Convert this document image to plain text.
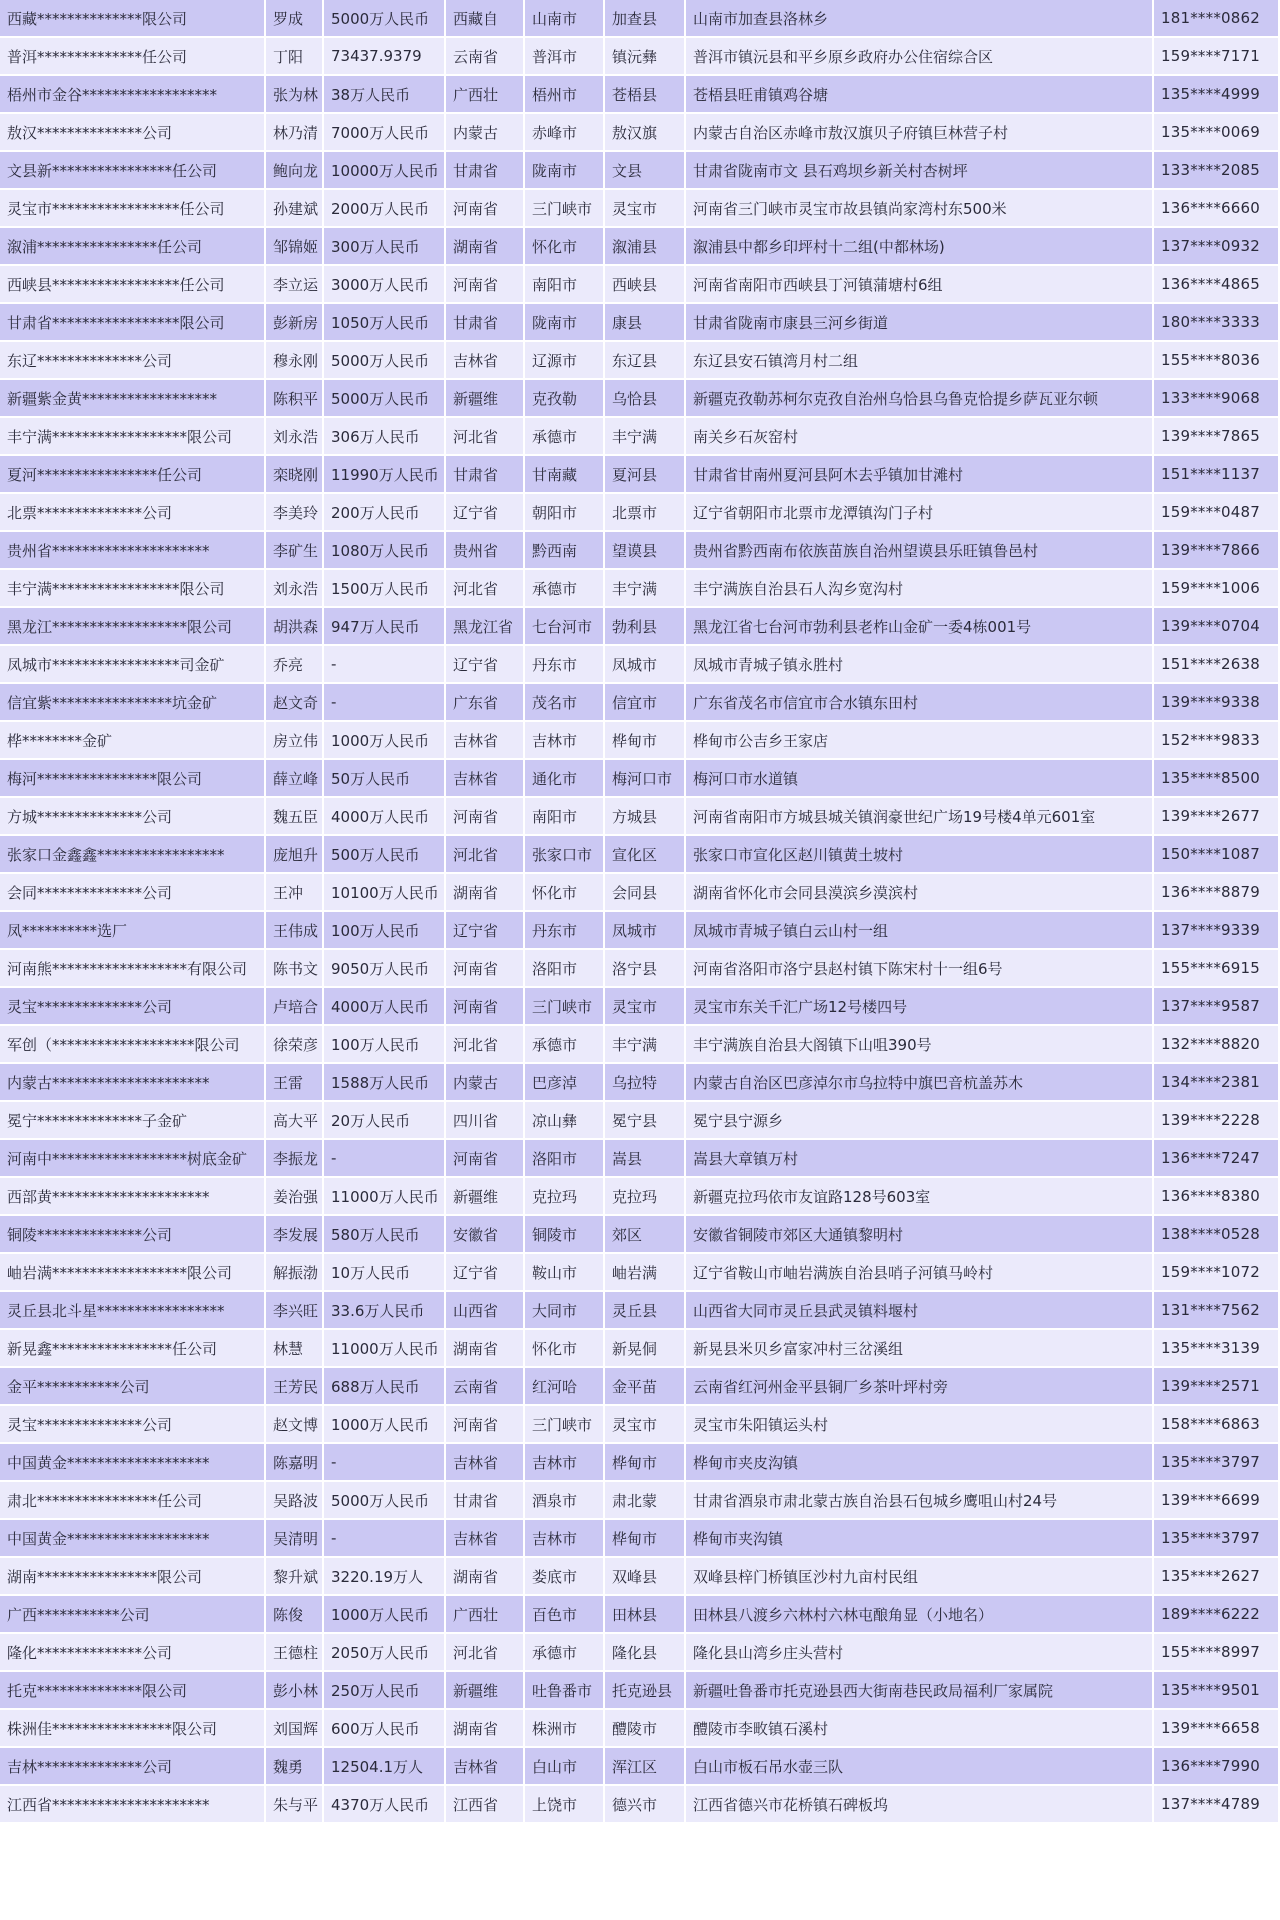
西藏**************限公司	罗成	5000万人民币	西藏自	山南市	加查县	山南市加查县洛林乡	181****0862
普洱**************任公司	丁阳	73437.9379	云南省	普洱市	镇沅彝	普洱市镇沅县和平乡原乡政府办公住宿综合区	159****7171
梧州市金谷******************	张为林	38万人民币	广西壮	梧州市	苍梧县	苍梧县旺甫镇鸡谷塘	135****4999
敖汉**************公司	林乃清	7000万人民币	内蒙古	赤峰市	敖汉旗	内蒙古自治区赤峰市敖汉旗贝子府镇巨林营子村	135****0069
文县新****************任公司	鲍向龙	10000万人民币	甘肃省	陇南市	文县	甘肃省陇南市文 县石鸡坝乡新关村杏树坪	133****2085
灵宝市*****************任公司	孙建斌	2000万人民币	河南省	三门峡市	灵宝市	河南省三门峡市灵宝市故县镇尚家湾村东500米	136****6660
溆浦****************任公司	邹锦姬	300万人民币	湖南省	怀化市	溆浦县	溆浦县中都乡印坪村十二组(中都林场)	137****0932
西峡县*****************任公司	李立运	3000万人民币	河南省	南阳市	西峡县	河南省南阳市西峡县丁河镇蒲塘村6组	136****4865
甘肃省*****************限公司	彭新房	1050万人民币	甘肃省	陇南市	康县	甘肃省陇南市康县三河乡街道	180****3333
东辽**************公司	穆永刚	5000万人民币	吉林省	辽源市	东辽县	东辽县安石镇湾月村二组	155****8036
新疆紫金黄******************	陈积平	5000万人民币	新疆维	克孜勒	乌恰县	新疆克孜勒苏柯尔克孜自治州乌恰县乌鲁克恰提乡萨瓦亚尔顿	133****9068
丰宁满******************限公司	刘永浩	306万人民币	河北省	承德市	丰宁满	南关乡石灰窑村	139****7865
夏河****************任公司	栾晓刚	11990万人民币	甘肃省	甘南藏	夏河县	甘肃省甘南州夏河县阿木去乎镇加甘滩村	151****1137
北票**************公司	李美玲	200万人民币	辽宁省	朝阳市	北票市	辽宁省朝阳市北票市龙潭镇沟门子村	159****0487
贵州省*********************	李矿生	1080万人民币	贵州省	黔西南	望谟县	贵州省黔西南布依族苗族自治州望谟县乐旺镇鲁邑村	139****7866
丰宁满*****************限公司	刘永浩	1500万人民币	河北省	承德市	丰宁满	丰宁满族自治县石人沟乡宽沟村	159****1006
黑龙江******************限公司	胡洪森	947万人民币	黑龙江省	七台河市	勃利县	黑龙江省七台河市勃利县老柞山金矿一委4栋001号	139****0704
凤城市*****************司金矿	乔亮	-	辽宁省	丹东市	凤城市	凤城市青城子镇永胜村	151****2638
信宜紫****************坑金矿	赵文奇	-	广东省	茂名市	信宜市	广东省茂名市信宜市合水镇东田村	139****9338
桦********金矿	房立伟	1000万人民币	吉林省	吉林市	桦甸市	桦甸市公吉乡王家店	152****9833
梅河****************限公司	薛立峰	50万人民币	吉林省	通化市	梅河口市	梅河口市水道镇	135****8500
方城**************公司	魏五臣	4000万人民币	河南省	南阳市	方城县	河南省南阳市方城县城关镇润豪世纪广场19号楼4单元601室	139****2677
张家口金鑫鑫*****************	庞旭升	500万人民币	河北省	张家口市	宣化区	张家口市宣化区赵川镇黄土坡村	150****1087
会同**************公司	王冲	10100万人民币	湖南省	怀化市	会同县	湖南省怀化市会同县漠滨乡漠滨村	136****8879
凤**********选厂	王伟成	100万人民币	辽宁省	丹东市	凤城市	凤城市青城子镇白云山村一组	137****9339
河南熊******************有限公司	陈书文	9050万人民币	河南省	洛阳市	洛宁县	河南省洛阳市洛宁县赵村镇下陈宋村十一组6号	155****6915
灵宝**************公司	卢培合	4000万人民币	河南省	三门峡市	灵宝市	灵宝市东关千汇广场12号楼四号	137****9587
军创（*******************限公司	徐荣彦	100万人民币	河北省	承德市	丰宁满	丰宁满族自治县大阁镇下山咀390号	132****8820
内蒙古*********************	王雷	1588万人民币	内蒙古	巴彦淖	乌拉特	内蒙古自治区巴彦淖尔市乌拉特中旗巴音杭盖苏木	134****2381
冕宁**************子金矿	高大平	20万人民币	四川省	凉山彝	冕宁县	冕宁县宁源乡	139****2228
河南中******************树底金矿	李振龙	-	河南省	洛阳市	嵩县	嵩县大章镇万村	136****7247
西部黄*********************	姜治强	11000万人民币	新疆维	克拉玛	克拉玛	新疆克拉玛依市友谊路128号603室	136****8380
铜陵**************公司	李发展	580万人民币	安徽省	铜陵市	郊区	安徽省铜陵市郊区大通镇黎明村	138****0528
岫岩满******************限公司	解振渤	10万人民币	辽宁省	鞍山市	岫岩满	辽宁省鞍山市岫岩满族自治县哨子河镇马岭村	159****1072
灵丘县北斗星*****************	李兴旺	33.6万人民币	山西省	大同市	灵丘县	山西省大同市灵丘县武灵镇料堰村	131****7562
新晃鑫****************任公司	林慧	11000万人民币	湖南省	怀化市	新晃侗	新晃县米贝乡富家冲村三岔溪组	135****3139
金平***********公司	王芳民	688万人民币	云南省	红河哈	金平苗	云南省红河州金平县铜厂乡茶叶坪村旁	139****2571
灵宝**************公司	赵文博	1000万人民币	河南省	三门峡市	灵宝市	灵宝市朱阳镇运头村	158****6863
中国黄金*******************	陈嘉明	-	吉林省	吉林市	桦甸市	桦甸市夹皮沟镇	135****3797
肃北****************任公司	吴路波	5000万人民币	甘肃省	酒泉市	肃北蒙	甘肃省酒泉市肃北蒙古族自治县石包城乡鹰咀山村24号	139****6699
中国黄金*******************	吴清明	-	吉林省	吉林市	桦甸市	桦甸市夹沟镇	135****3797
湖南****************限公司	黎升斌	3220.19万人	湖南省	娄底市	双峰县	双峰县梓门桥镇匡沙村九亩村民组	135****2627
广西***********公司	陈俊	1000万人民币	广西壮	百色市	田林县	田林县八渡乡六林村六林屯酿角显（小地名）	189****6222
隆化**************公司	王德柱	2050万人民币	河北省	承德市	隆化县	隆化县山湾乡庄头营村	155****8997
托克**************限公司	彭小林	250万人民币	新疆维	吐鲁番市	托克逊县	新疆吐鲁番市托克逊县西大街南巷民政局福利厂家属院	135****9501
株洲佳****************限公司	刘国辉	600万人民币	湖南省	株洲市	醴陵市	醴陵市李畋镇石溪村	139****6658
吉林**************公司	魏勇	12504.1万人	吉林省	白山市	浑江区	白山市板石吊水壶三队	136****7990
江西省*********************	朱与平	4370万人民币	江西省	上饶市	德兴市	江西省德兴市花桥镇石碑板坞	137****4789
